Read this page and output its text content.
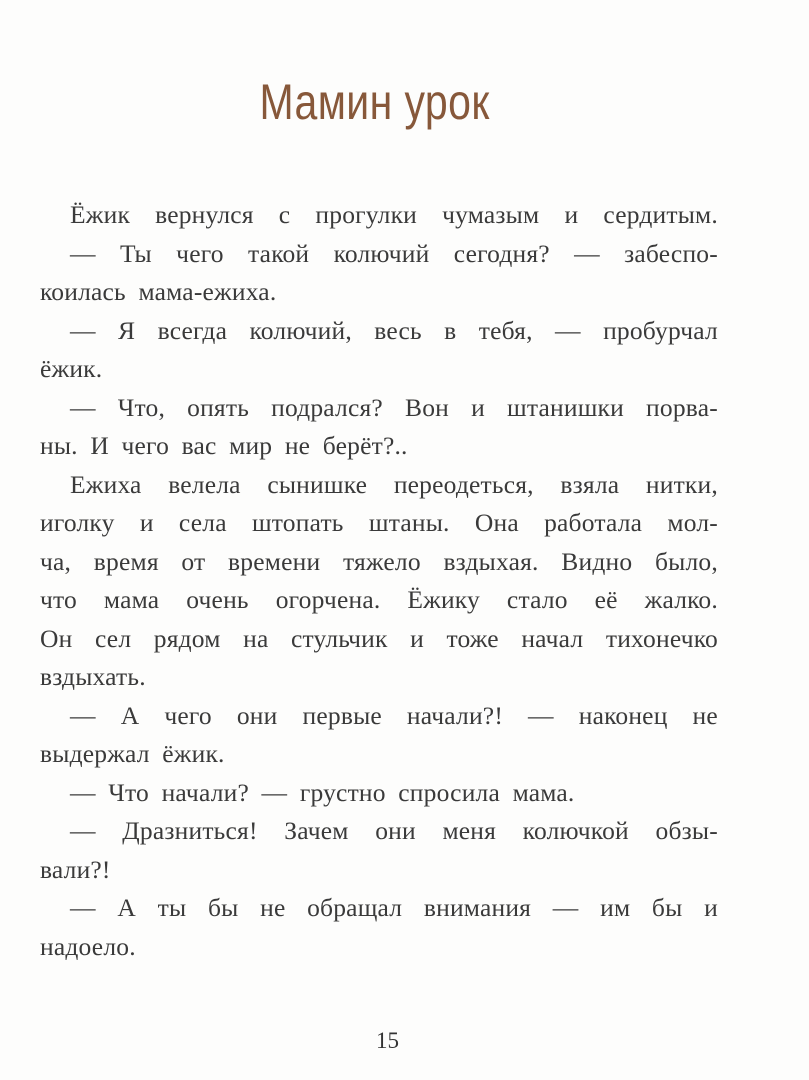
Мамин урок
Ёжик вернулся с прогулки чумазым и сердитым.
— Ты чего такой колючий сегодня? — забеспо-
коилась мама-ежиха.
— Я всегда колючий, весь в тебя, — пробурчал
ёжик.
— Что, опять подрался? Вон и штанишки порва-
ны. И чего вас мир не берёт?..
Ежиха велела сынишке переодеться, взяла нитки,
иголку и села штопать штаны. Она работала мол-
ча, время от времени тяжело вздыхая. Видно было,
что мама очень огорчена. Ёжику стало её жалко.
Он сел рядом на стульчик и тоже начал тихонечко
вздыхать.
— А чего они первые начали?! — наконец не
выдержал ёжик.
— Что начали? — грустно спросила мама.
— Дразниться! Зачем они меня колючкой обзы-
вали?!
— А ты бы не обращал внимания — им бы и
надоело.
15
